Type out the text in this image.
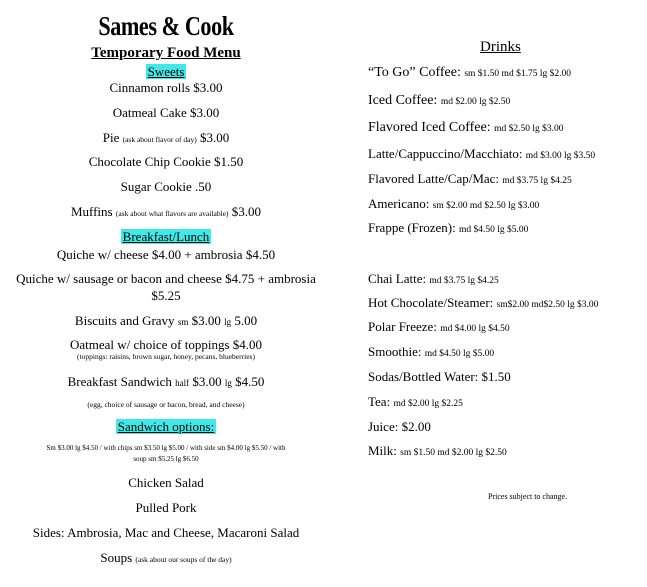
Sames & Cook
Temporary Food Menu
Sweets
Cinnamon rolls $3.00
Oatmeal Cake $3.00
Pie (ask about flavor of day) $3.00
Chocolate Chip Cookie $1.50
Sugar Cookie .50
Muffins (ask about what flavors are available) $3.00
Breakfast/Lunch
Quiche w/ cheese $4.00 + ambrosia $4.50
Quiche w/ sausage or bacon and cheese $4.75 + ambrosia $5.25
Biscuits and Gravy sm $3.00 lg 5.00
Oatmeal w/ choice of toppings $4.00
(toppings: raisins, brown sugar, honey, pecans, blueberries)
Breakfast Sandwich half $3.00 lg $4.50
(egg, choice of sausage or bacon, bread, and cheese)
Sandwich options:
Sm $3.00 lg $4.50 / with chips sm $3.50 lg $5.00 / with side sm $4.00 lg $5.50 / with
soup sm $5.25 lg $6.50
Chicken Salad
Pulled Pork
Sides: Ambrosia, Mac and Cheese, Macaroni Salad
Soups (ask about our soups of the day)
Drinks
“To Go” Coffee: sm $1.50 md $1.75 lg $2.00
Iced Coffee: md $2.00 lg $2.50
Flavored Iced Coffee: md $2.50 lg $3.00
Latte/Cappuccino/Macchiato: md $3.00 lg $3.50
Flavored Latte/Cap/Mac: md $3.75 lg $4.25
Americano: sm $2.00 md $2.50 lg $3.00
Frappe (Frozen): md $4.50 lg $5.00
Chai Latte: md $3.75 lg $4.25
Hot Chocolate/Steamer: sm$2.00 md$2.50 lg $3.00
Polar Freeze: md $4.00 lg $4.50
Smoothie: md $4.50 lg $5.00
Sodas/Bottled Water: $1.50
Tea: md $2.00 lg $2.25
Juice: $2.00
Milk: sm $1.50 md $2.00 lg $2.50
Prices subject to change.
